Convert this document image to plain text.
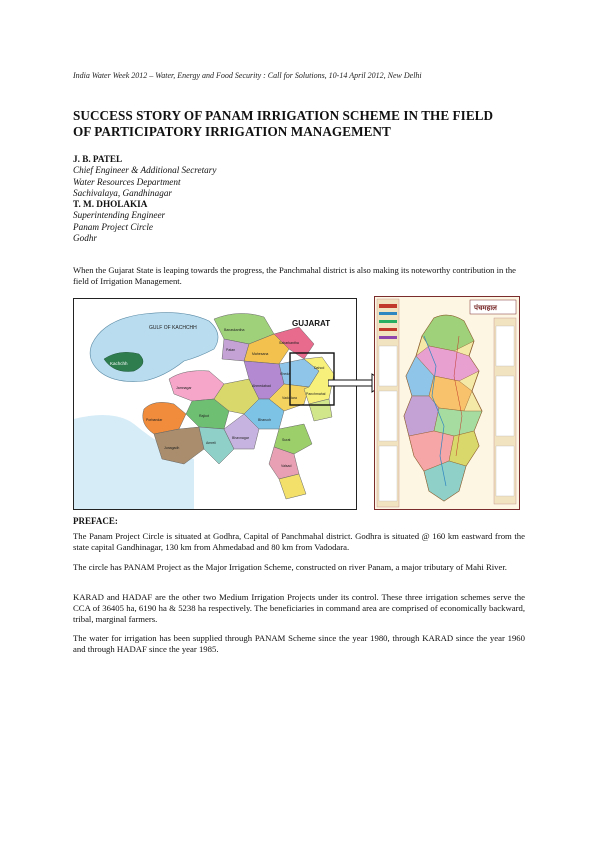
India Water Week 2012 – Water, Energy and Food Security : Call for Solutions, 10-14 April 2012, New Delhi
SUCCESS STORY OF PANAM IRRIGATION SCHEME IN THE FIELD
OF PARTICIPATORY IRRIGATION MANAGEMENT
J. B. PATEL
Chief Engineer & Additional Secretary
Water Resources Department
Sachivalaya, Gandhinagar
T. M. DHOLAKIA
Superintending Engineer
Panam Project Circle
Godhr
When the Gujarat State is leaping towards the progress, the Panchmahal district is also making its noteworthy contribution in the field of Irrigation Management.
GULF OF KACHCHH
Kachchh
GUJARAT
Banaskantha
Patan
Mahesana
Sabarkantha
Rajkot
Ahmedabad
Kheda
Vadodara
Bharuch
Surat
Valsad
Junagadh
Amreli
Bhavnagar
Jamnagar
Porbandar
Dahod
Panchmahal
पंचमहाल
PREFACE:
The Panam Project Circle is situated at Godhra, Capital of Panchmahal district. Godhra is situated @ 160 km eastward from the state capital Gandhinagar, 130 km from Ahmedabad and 80 km from Vadodara.
The circle has PANAM Project as the Major Irrigation Scheme, constructed on river Panam, a major tributary of Mahi River.
KARAD and HADAF are the other two Medium Irrigation Projects under its control. These three irrigation schemes serve the CCA of 36405 ha, 6190 ha & 5238 ha respectively. The beneficiaries in command area are comprised of economically backward, tribal, marginal farmers.
The water for irrigation has been supplied through PANAM Scheme since the year 1980, through KARAD since the year 1960 and through HADAF since the year 1985.
